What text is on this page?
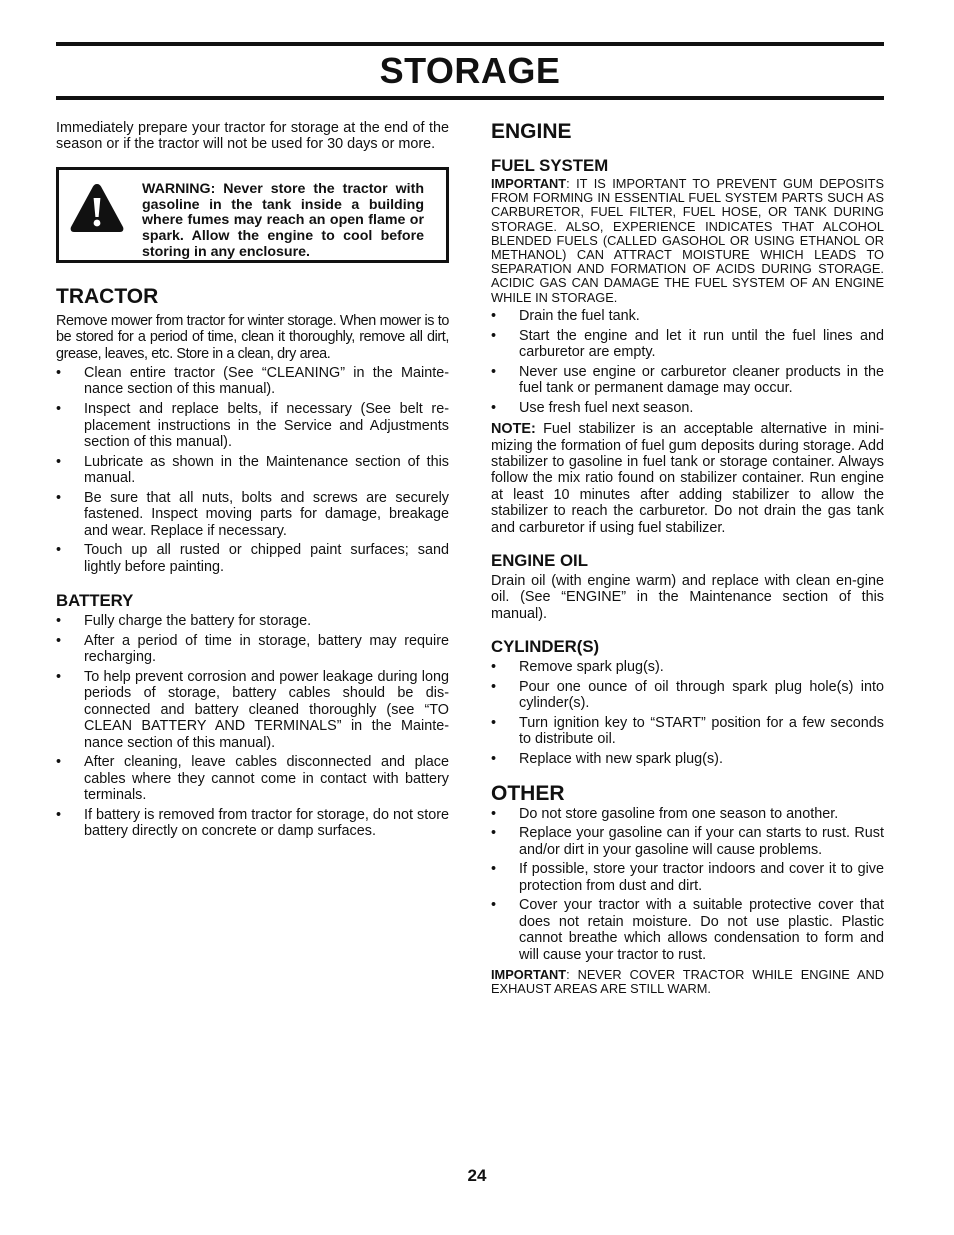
STORAGE

Immediately prepare your tractor for storage at the end of the season or if the tractor will not be used for 30 days or more.

WARNING: Never store the tractor with gasoline in the tank inside a building where fumes may reach an open flame or spark. Allow the engine to cool before storing in any enclosure.
TRACTOR

Remove mower from tractor for winter storage. When mower is to be stored for a period of time, clean it thoroughly, remove all dirt, grease, leaves, etc. Store in a clean, dry area.

• Clean entire tractor (See “CLEANING” in the Mainte-nance section of this manual).
• Inspect and replace belts, if necessary (See belt re-placement instructions in the Service and Adjustments section of this manual).
• Lubricate as shown in the Maintenance section of this manual.
• Be sure that all nuts, bolts and screws are securely fastened. Inspect moving parts for damage, breakage and wear. Replace if necessary.
• Touch up all rusted or chipped paint surfaces; sand lightly before painting.
BATTERY
• Fully charge the battery for storage.
• After a period of time in storage, battery may require recharging.
• To help prevent corrosion and power leakage during long periods of storage, battery cables should be dis-connected and battery cleaned thoroughly (see “TO CLEAN BATTERY AND TERMINALS” in the Mainte-nance section of this manual).
• After cleaning, leave cables disconnected and place cables where they cannot come in contact with battery terminals.
• If battery is removed from tractor for storage, do not store battery directly on concrete or damp surfaces.
ENGINE
FUEL SYSTEM

IMPORTANT: IT IS IMPORTANT TO PREVENT GUM DEPOSITS FROM FORMING IN ESSENTIAL FUEL SYSTEM PARTS SUCH AS CARBURETOR, FUEL FILTER, FUEL HOSE, OR TANK DURING STORAGE. ALSO, EXPERIENCE INDICATES THAT ALCOHOL BLENDED FUELS (CALLED GASOHOL OR USING ETHANOL OR METHANOL) CAN ATTRACT MOISTURE WHICH LEADS TO SEPARATION AND FORMATION OF ACIDS DURING STORAGE. ACIDIC GAS CAN DAMAGE THE FUEL SYSTEM OF AN ENGINE WHILE IN STORAGE.

• Drain the fuel tank.
• Start the engine and let it run until the fuel lines and carburetor are empty.
• Never use engine or carburetor cleaner products in the fuel tank or permanent damage may occur.
• Use fresh fuel next season.

NOTE: Fuel stabilizer is an acceptable alternative in mini-mizing the formation of fuel gum deposits during storage. Add stabilizer to gasoline in fuel tank or storage container. Always follow the mix ratio found on stabilizer container. Run engine at least 10 minutes after adding stabilizer to allow the stabilizer to reach the carburetor. Do not drain the gas tank and carburetor if using fuel stabilizer.

ENGINE OIL

Drain oil (with engine warm) and replace with clean en-gine oil. (See “ENGINE” in the Maintenance section of this manual).

CYLINDER(S)
• Remove spark plug(s).
• Pour one ounce of oil through spark plug hole(s) into cylinder(s).
• Turn ignition key to “START” position for a few seconds to distribute oil.
• Replace with new spark plug(s).
OTHER
• Do not store gasoline from one season to another.
• Replace your gasoline can if your can starts to rust. Rust and/or dirt in your gasoline will cause problems.
• If possible, store your tractor indoors and cover it to give protection from dust and dirt.
• Cover your tractor with a suitable protective cover that does not retain moisture. Do not use plastic. Plastic cannot breathe which allows condensation to form and will cause your tractor to rust.

IMPORTANT: NEVER COVER TRACTOR WHILE ENGINE AND EXHAUST AREAS ARE STILL WARM.

24
